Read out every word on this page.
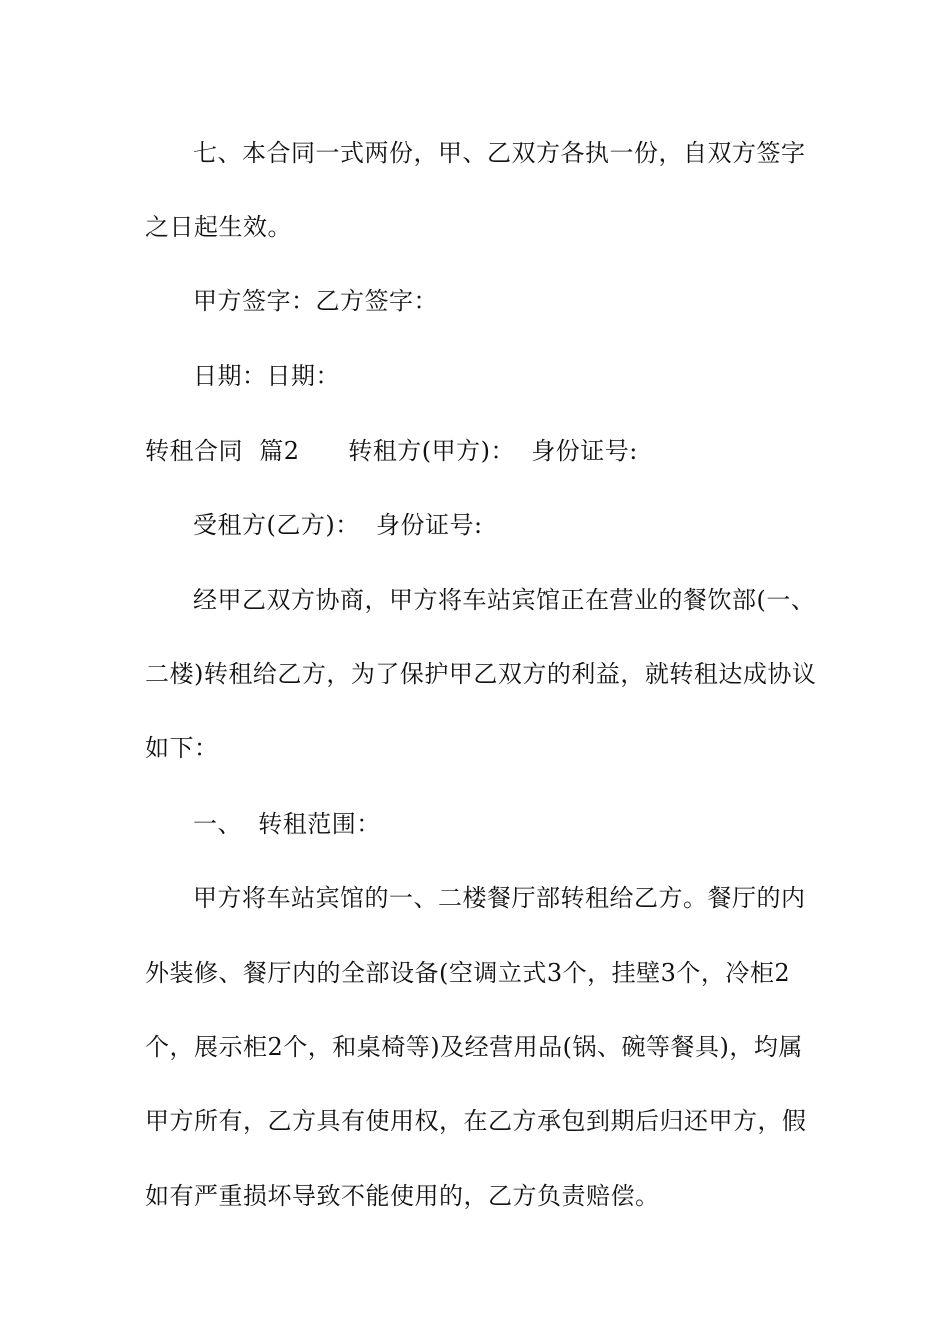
七、本合同一式两份，甲、乙双方各执一份，自双方签字
之日起生效。
甲方签字：乙方签字：
日期：日期：
转租合同  篇2      转租方(甲方)：  身份证号:
受租方(乙方)：  身份证号:
经甲乙双方协商，甲方将车站宾馆正在营业的餐饮部(一、
二楼)转租给乙方，为了保护甲乙双方的利益，就转租达成协议
如下：
一、  转租范围：
甲方将车站宾馆的一、二楼餐厅部转租给乙方。餐厅的内
外装修、餐厅内的全部设备(空调立式3个，挂壁3个，冷柜2
个，展示柜2个，和桌椅等)及经营用品(锅、碗等餐具)，均属
甲方所有，乙方具有使用权，在乙方承包到期后归还甲方，假
如有严重损坏导致不能使用的，乙方负责赔偿。
